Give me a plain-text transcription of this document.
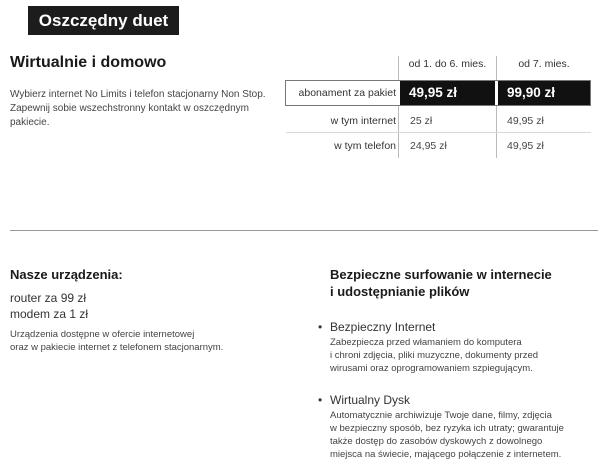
Oszczędny duet
Wirtualnie i domowo
Wybierz internet No Limits i telefon stacjonarny Non Stop. Zapewnij sobie wszechstronny kontakt w oszczędnym pakiecie.
od 1. do 6. mies.	od 7. mies.
abonament za pakiet 49,95 zł	99,90 zł
w tym internet 25 zł	49,95 zł
w tym telefon 24,95 zł	49,95 zł
Nasze urządzenia:
router za 99 zł
modem za 1 zł
Urządzenia dostępne w ofercie internetowej
oraz w pakiecie internet z telefonem stacjonarnym.
Bezpieczne surfowanie w internecie
i udostępnianie plików
• Bezpieczny Internet
Zabezpiecza przed włamaniem do komputera
i chroni zdjęcia, pliki muzyczne, dokumenty przed
wirusami oraz oprogramowaniem szpiegującym.
• Wirtualny Dysk
Automatycznie archiwizuje Twoje dane, filmy, zdjęcia
w bezpieczny sposób, bez ryzyka ich utraty; gwarantuje
także dostęp do zasobów dyskowych z dowolnego
miejsca na świecie, mającego połączenie z internetem.
